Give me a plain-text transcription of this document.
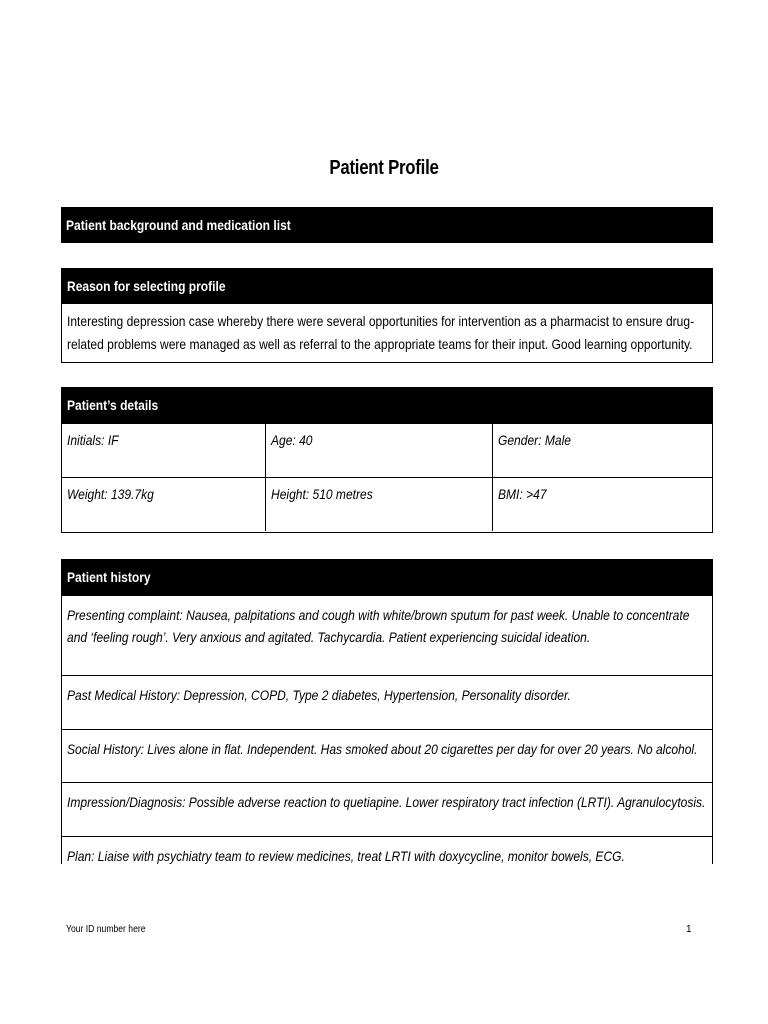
Patient Profile
Patient background and medication list
Reason for selecting profile
Interesting depression case whereby there were several opportunities for intervention as a pharmacist to ensure drug-related problems were managed as well as referral to the appropriate teams for their input. Good learning opportunity.
Patient’s details
Initials: IF	Age: 40	Gender: Male
Weight: 139.7kg	Height: 510 metres	BMI: >47
Patient history
Presenting complaint: Nausea, palpitations and cough with white/brown sputum for past week. Unable to concentrate and ‘feeling rough’. Very anxious and agitated. Tachycardia. Patient experiencing suicidal ideation.
Past Medical History: Depression, COPD, Type 2 diabetes, Hypertension, Personality disorder.
Social History: Lives alone in flat. Independent. Has smoked about 20 cigarettes per day for over 20 years. No alcohol.
Impression/Diagnosis: Possible adverse reaction to quetiapine. Lower respiratory tract infection (LRTI). Agranulocytosis.
Plan: Liaise with psychiatry team to review medicines, treat LRTI with doxycycline, monitor bowels, ECG.
Your ID number here	1
